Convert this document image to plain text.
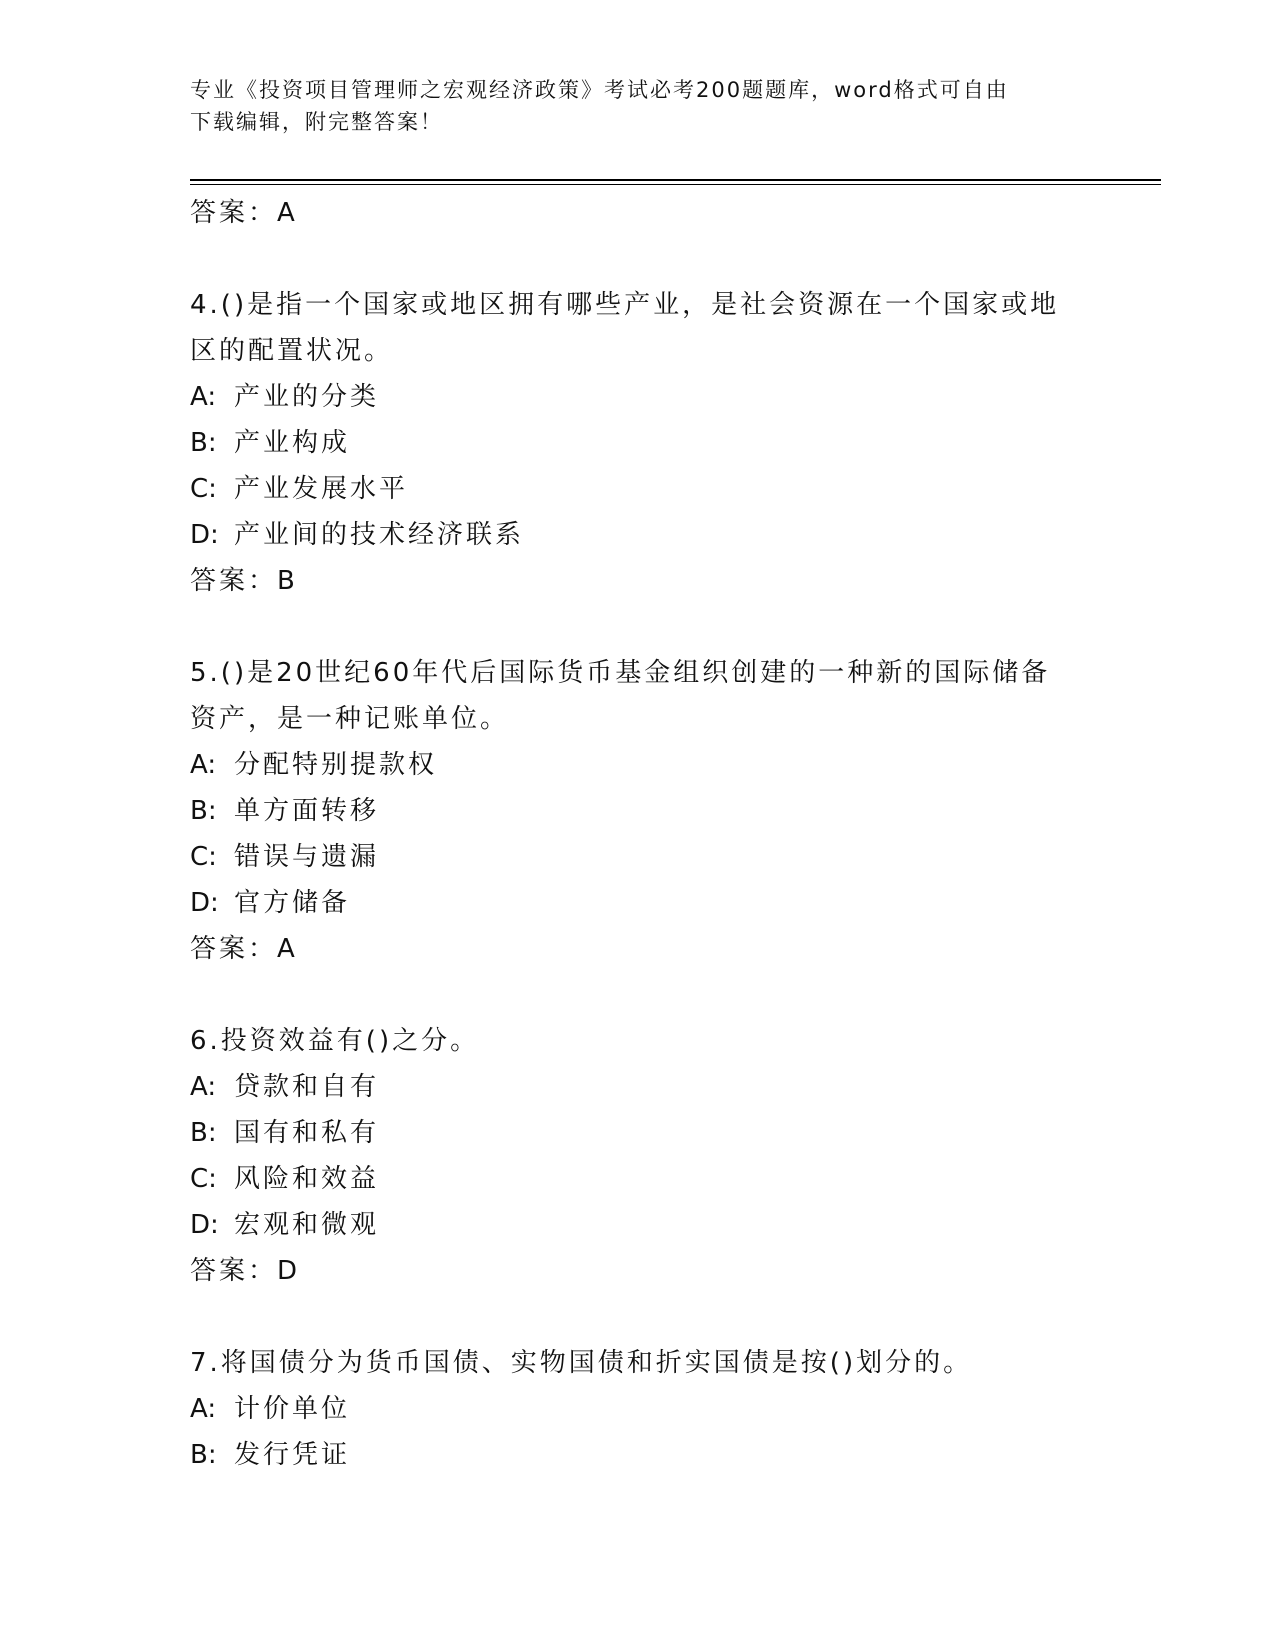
专业《投资项目管理师之宏观经济政策》考试必考200题题库，word格式可自由
下载编辑，附完整答案！
答案：A
4.()是指一个国家或地区拥有哪些产业，是社会资源在一个国家或地
区的配置状况。
A: 产业的分类
B: 产业构成
C: 产业发展水平
D: 产业间的技术经济联系
答案：B
5.()是20世纪60年代后国际货币基金组织创建的一种新的国际储备
资产，是一种记账单位。
A: 分配特别提款权
B: 单方面转移
C: 错误与遗漏
D: 官方储备
答案：A
6.投资效益有()之分。
A: 贷款和自有
B: 国有和私有
C: 风险和效益
D: 宏观和微观
答案：D
7.将国债分为货币国债、实物国债和折实国债是按()划分的。
A: 计价单位
B: 发行凭证
